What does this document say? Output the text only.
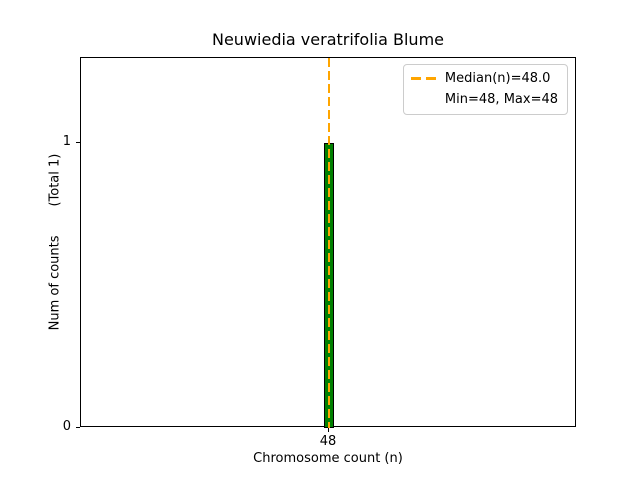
Neuwiedia veratrifolia Blume
Num of counts       (Total 1)
Median(n)=48.0
Min=48, Max=48
Chromosome count (n)
0
1
48
